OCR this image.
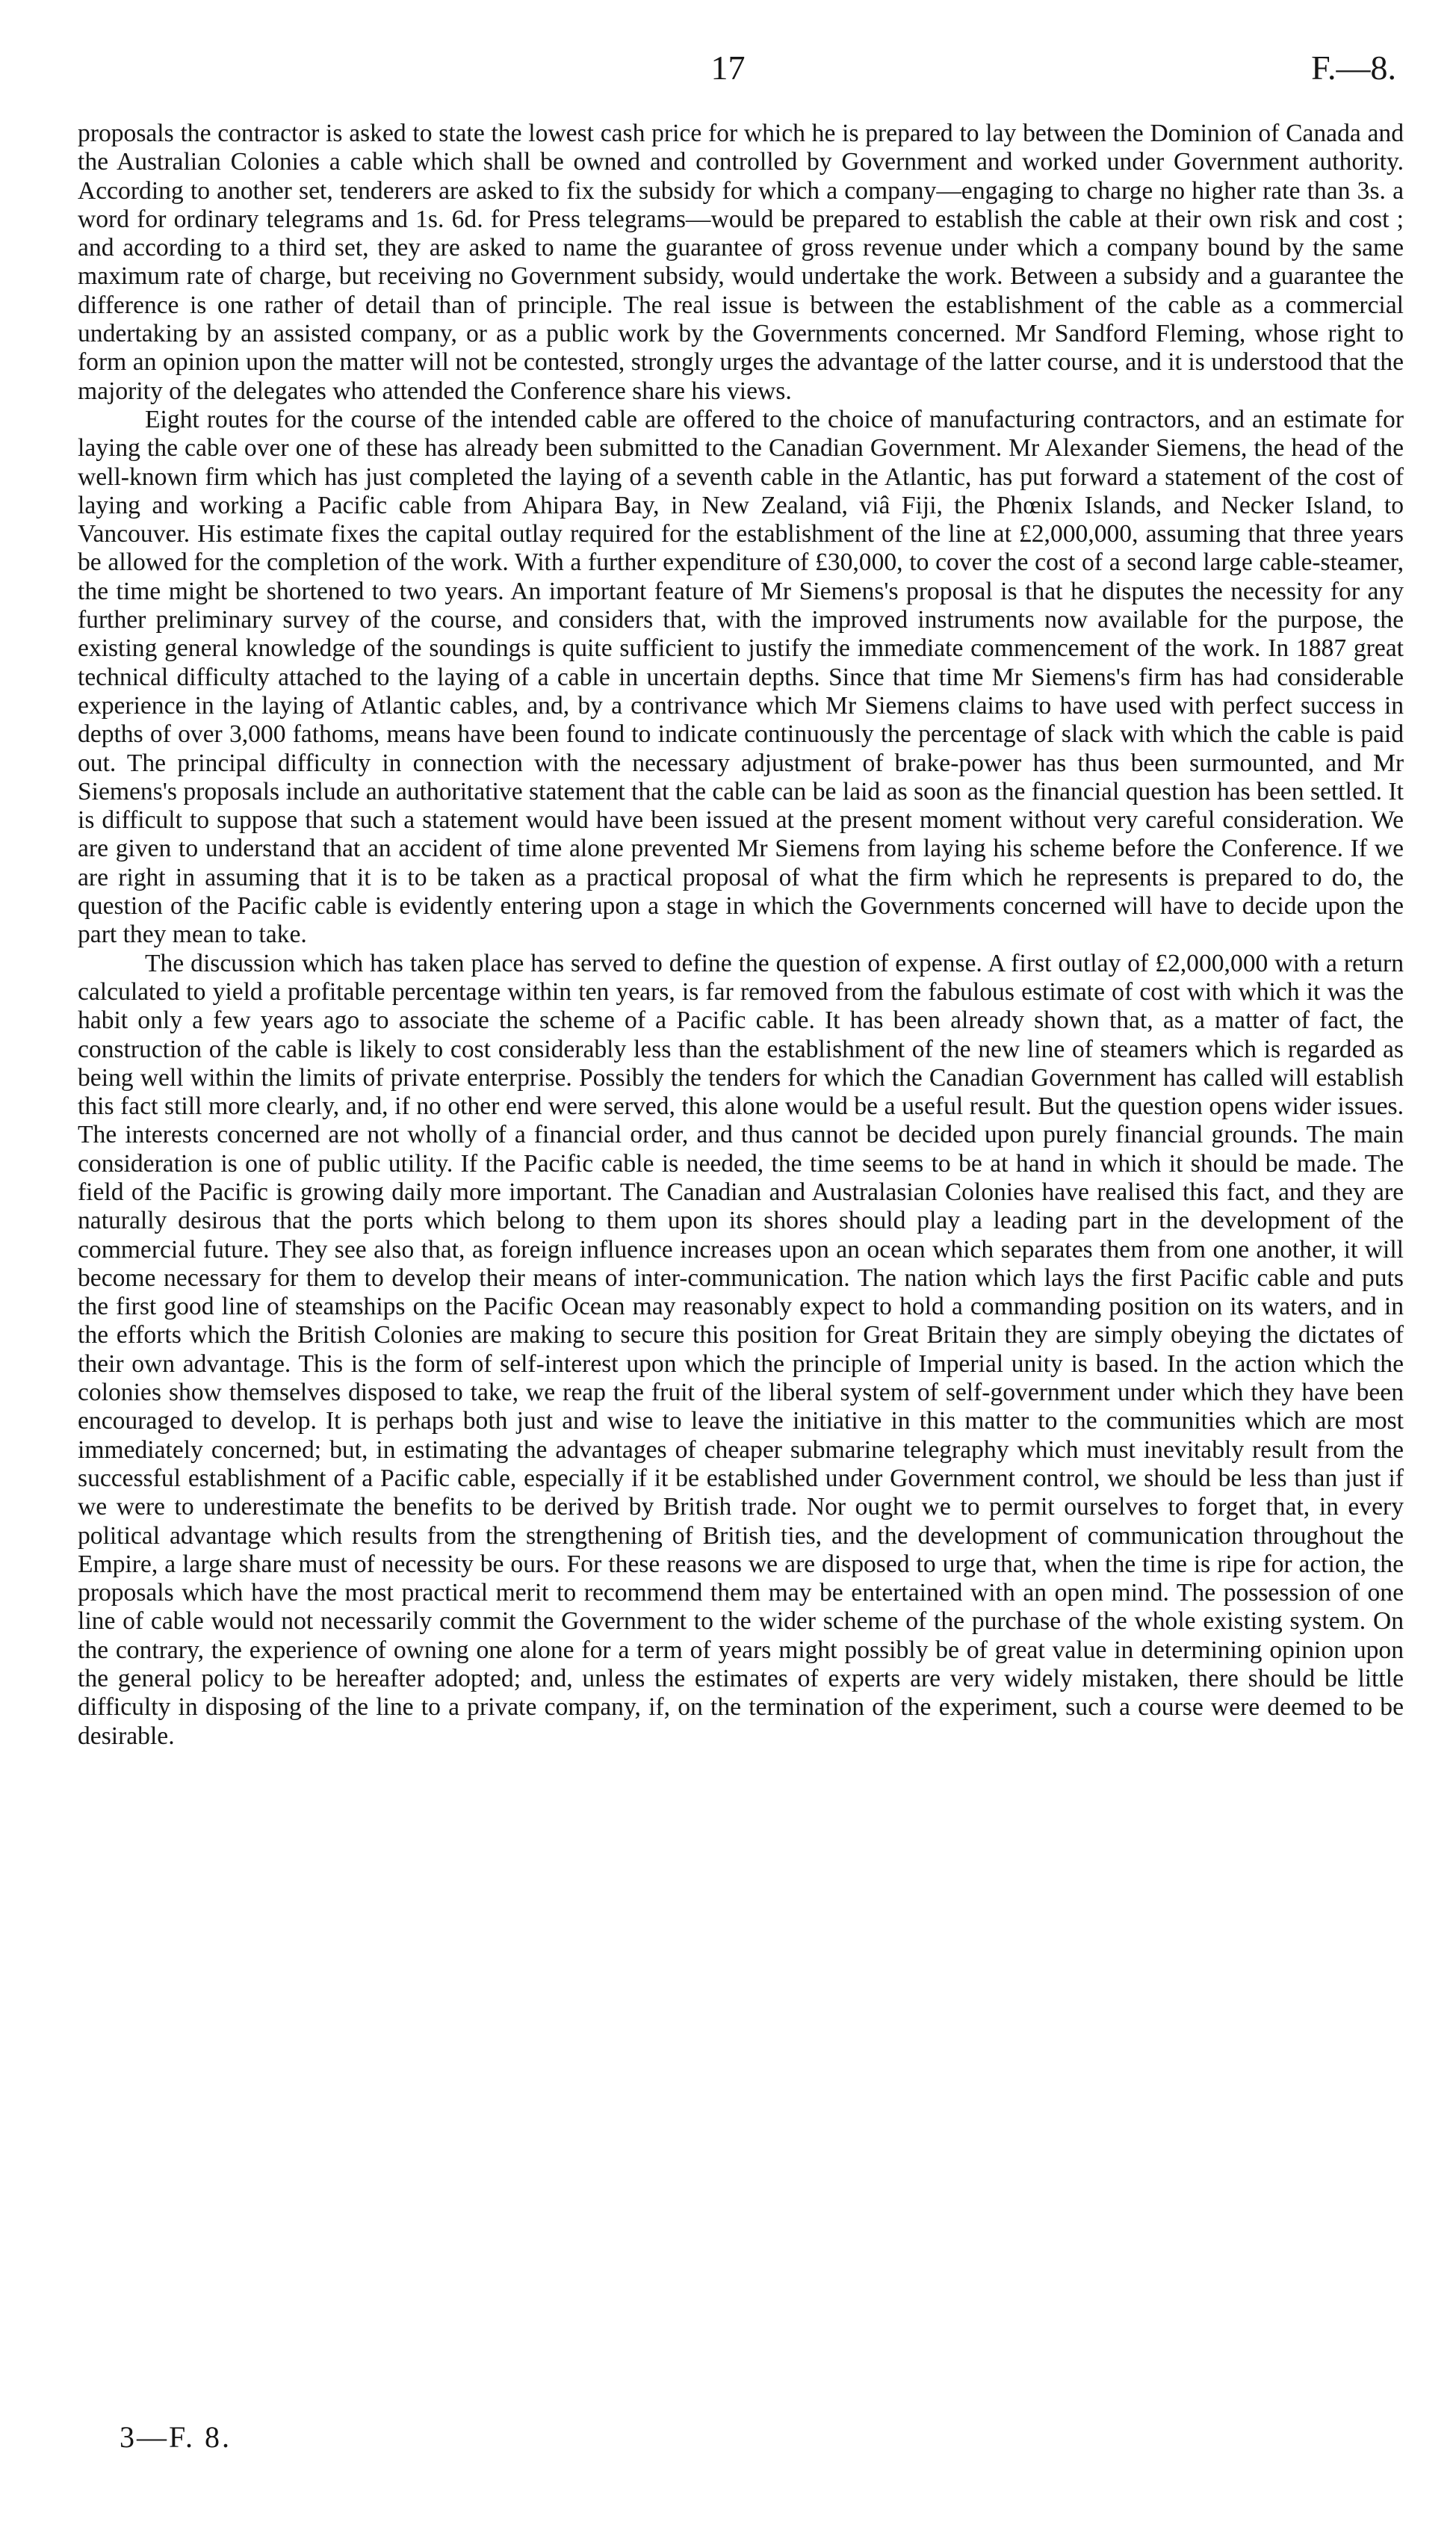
17	F.—8.

proposals the contractor is asked to state the lowest cash price for which he is prepared to lay between the Dominion of Canada and the Australian Colonies a cable which shall be owned and controlled by Government and worked under Government authority. According to another set, tenderers are asked to fix the subsidy for which a company—engaging to charge no higher rate than 3s. a word for ordinary telegrams and 1s. 6d. for Press telegrams—would be prepared to establish the cable at their own risk and cost ; and according to a third set, they are asked to name the guarantee of gross revenue under which a company bound by the same maximum rate of charge, but receiving no Government subsidy, would undertake the work. Between a subsidy and a guarantee the difference is one rather of detail than of principle. The real issue is between the establishment of the cable as a commercial undertaking by an assisted company, or as a public work by the Governments concerned. Mr Sandford Fleming, whose right to form an opinion upon the matter will not be contested, strongly urges the advantage of the latter course, and it is understood that the majority of the delegates who attended the Conference share his views.

Eight routes for the course of the intended cable are offered to the choice of manufacturing contractors, and an estimate for laying the cable over one of these has already been submitted to the Canadian Government. Mr Alexander Siemens, the head of the well-known firm which has just completed the laying of a seventh cable in the Atlantic, has put forward a statement of the cost of laying and working a Pacific cable from Ahipara Bay, in New Zealand, viâ Fiji, the Phœnix Islands, and Necker Island, to Vancouver. His estimate fixes the capital outlay required for the establishment of the line at £2,000,000, assuming that three years be allowed for the completion of the work. With a further expenditure of £30,000, to cover the cost of a second large cable-steamer, the time might be shortened to two years. An important feature of Mr Siemens's proposal is that he disputes the necessity for any further preliminary survey of the course, and considers that, with the improved instruments now available for the purpose, the existing general knowledge of the soundings is quite sufficient to justify the immediate commencement of the work. In 1887 great technical difficulty attached to the laying of a cable in uncertain depths. Since that time Mr Siemens's firm has had considerable experience in the laying of Atlantic cables, and, by a contrivance which Mr Siemens claims to have used with perfect success in depths of over 3,000 fathoms, means have been found to indicate continuously the percentage of slack with which the cable is paid out. The principal difficulty in connection with the necessary adjustment of brake-power has thus been surmounted, and Mr Siemens's proposals include an authoritative statement that the cable can be laid as soon as the financial question has been settled. It is difficult to suppose that such a statement would have been issued at the present moment without very careful consideration. We are given to understand that an accident of time alone prevented Mr Siemens from laying his scheme before the Conference. If we are right in assuming that it is to be taken as a practical proposal of what the firm which he represents is prepared to do, the question of the Pacific cable is evidently entering upon a stage in which the Governments concerned will have to decide upon the part they mean to take.

The discussion which has taken place has served to define the question of expense. A first outlay of £2,000,000 with a return calculated to yield a profitable percentage within ten years, is far removed from the fabulous estimate of cost with which it was the habit only a few years ago to associate the scheme of a Pacific cable. It has been already shown that, as a matter of fact, the construction of the cable is likely to cost considerably less than the establishment of the new line of steamers which is regarded as being well within the limits of private enterprise. Possibly the tenders for which the Canadian Government has called will establish this fact still more clearly, and, if no other end were served, this alone would be a useful result. But the question opens wider issues. The interests concerned are not wholly of a financial order, and thus cannot be decided upon purely financial grounds. The main consideration is one of public utility. If the Pacific cable is needed, the time seems to be at hand in which it should be made. The field of the Pacific is growing daily more important. The Canadian and Australasian Colonies have realised this fact, and they are naturally desirous that the ports which belong to them upon its shores should play a leading part in the development of the commercial future. They see also that, as foreign influence increases upon an ocean which separates them from one another, it will become necessary for them to develop their means of inter-communication. The nation which lays the first Pacific cable and puts the first good line of steamships on the Pacific Ocean may reasonably expect to hold a commanding position on its waters, and in the efforts which the British Colonies are making to secure this position for Great Britain they are simply obeying the dictates of their own advantage. This is the form of self-interest upon which the principle of Imperial unity is based. In the action which the colonies show themselves disposed to take, we reap the fruit of the liberal system of self-government under which they have been encouraged to develop. It is perhaps both just and wise to leave the initiative in this matter to the communities which are most immediately concerned; but, in estimating the advantages of cheaper submarine telegraphy which must inevitably result from the successful establishment of a Pacific cable, especially if it be established under Government control, we should be less than just if we were to underestimate the benefits to be derived by British trade. Nor ought we to permit ourselves to forget that, in every political advantage which results from the strengthening of British ties, and the development of communication throughout the Empire, a large share must of necessity be ours. For these reasons we are disposed to urge that, when the time is ripe for action, the proposals which have the most practical merit to recommend them may be entertained with an open mind. The possession of one line of cable would not necessarily commit the Government to the wider scheme of the purchase of the whole existing system. On the contrary, the experience of owning one alone for a term of years might possibly be of great value in determining opinion upon the general policy to be hereafter adopted; and, unless the estimates of experts are very widely mistaken, there should be little difficulty in disposing of the line to a private company, if, on the termination of the experiment, such a course were deemed to be desirable.

3—F. 8.
